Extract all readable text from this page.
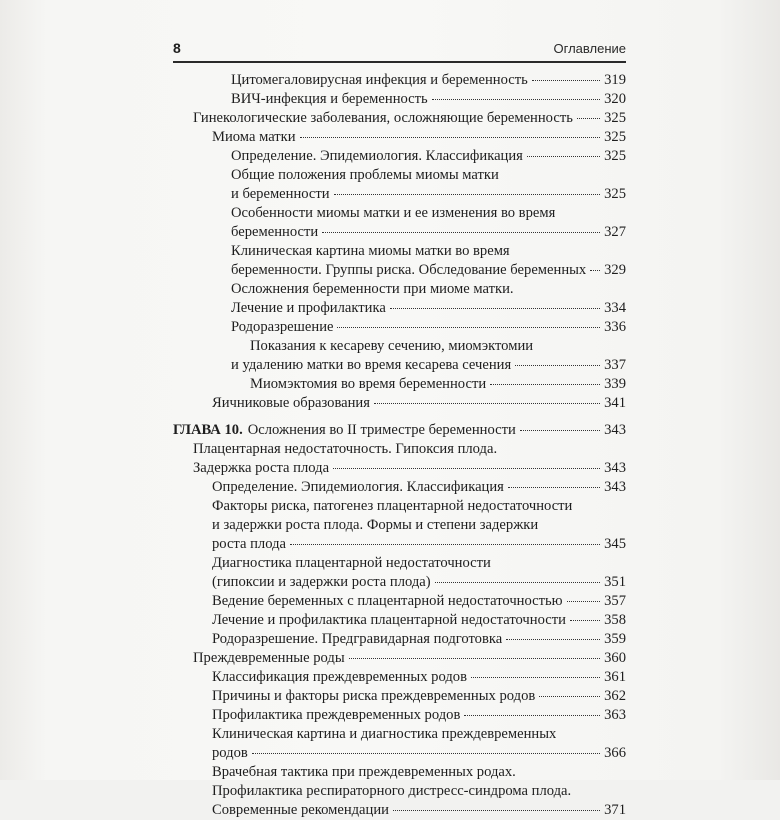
8	Оглавление
Цитомегаловирусная инфекция и беременность	319
ВИЧ-инфекция и беременность	320
Гинекологические заболевания, осложняющие беременность 325
Миома матки	325
Определение. Эпидемиология. Классификация	325
Общие положения проблемы миомы матки
и беременности	325
Особенности миомы матки и ее изменения во время
беременности	327
Клиническая картина миомы матки во время
беременности. Группы риска. Обследование беременных 329
Осложнения беременности при миоме матки.
Лечение и профилактика	334
Родоразрешение	336
Показания к кесареву сечению, миомэктомии
и удалению матки во время кесарева сечения	337
Миомэктомия во время беременности	339
Яичниковые образования	341
ГЛАВА 10. Осложнения во II триместре беременности	343
Плацентарная недостаточность. Гипоксия плода.
Задержка роста плода	343
Определение. Эпидемиология. Классификация	343
Факторы риска, патогенез плацентарной недостаточности
и задержки роста плода. Формы и степени задержки
роста плода	345
Диагностика плацентарной недостаточности
(гипоксии и задержки роста плода)	351
Ведение беременных с плацентарной недостаточностью	357
Лечение и профилактика плацентарной недостаточности	358
Родоразрешение. Предгравидарная подготовка	359
Преждевременные роды	360
Классификация преждевременных родов	361
Причины и факторы риска преждевременных родов	362
Профилактика преждевременных родов	363
Клиническая картина и диагностика преждевременных
родов	366
Врачебная тактика при преждевременных родах.
Профилактика респираторного дистресс-синдрома плода.
Современные рекомендации	371
